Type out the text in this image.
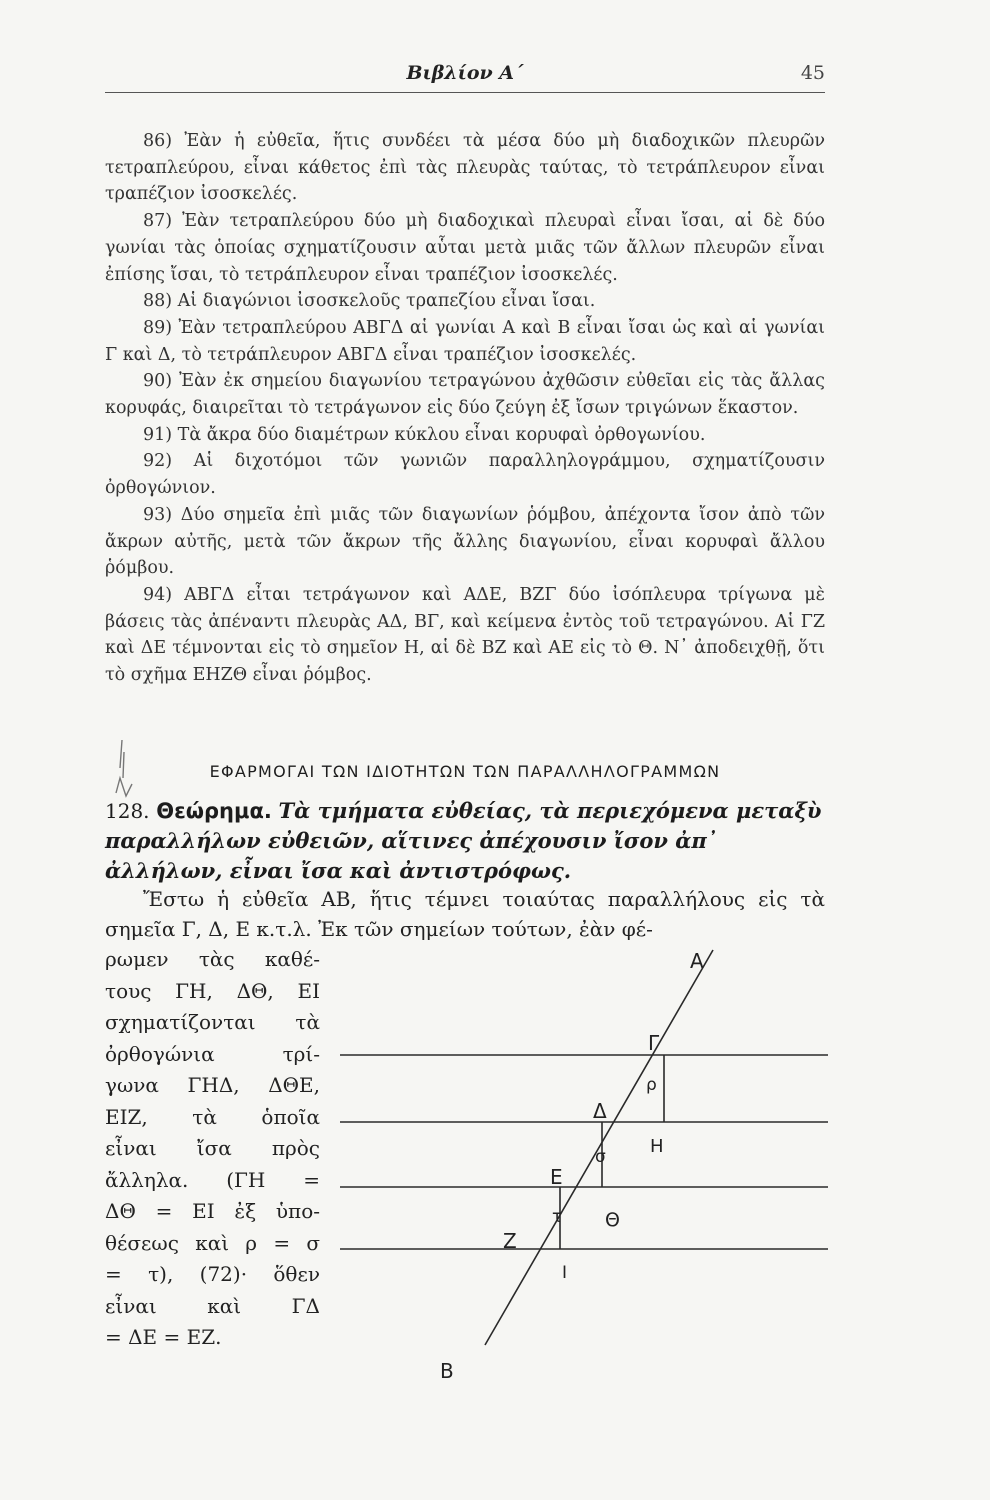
Βιβλίον Α΄	45

86) Ἐὰν ἡ εὐθεῖα, ἥτις συνδέει τὰ μέσα δύο μὴ διαδοχικῶν πλευρῶν τετραπλεύρου, εἶναι κάθετος ἐπὶ τὰς πλευρὰς ταύτας, τὸ τετράπλευρον εἶναι τραπέζιον ἰσοσκελές.

87) Ἐὰν τετραπλεύρου δύο μὴ διαδοχικαὶ πλευραὶ εἶναι ἴσαι, αἱ δὲ δύο γωνίαι τὰς ὁποίας σχηματίζουσιν αὗται μετὰ μιᾶς τῶν ἄλλων πλευρῶν εἶναι ἐπίσης ἴσαι, τὸ τετράπλευρον εἶναι τραπέζιον ἰσοσκελές.

88) Αἱ διαγώνιοι ἰσοσκελοῦς τραπεζίου εἶναι ἴσαι.

89) Ἐὰν τετραπλεύρου ΑΒΓΔ αἱ γωνίαι Α καὶ Β εἶναι ἴσαι ὡς καὶ αἱ γωνίαι Γ καὶ Δ, τὸ τετράπλευρον ΑΒΓΔ εἶναι τραπέζιον ἰσοσκελές.

90) Ἐὰν ἐκ σημείου διαγωνίου τετραγώνου ἀχθῶσιν εὐθεῖαι εἰς τὰς ἄλλας κορυφάς, διαιρεῖται τὸ τετράγωνον εἰς δύο ζεύγη ἐξ ἴσων τριγώνων ἕκαστον.

91) Τὰ ἄκρα δύο διαμέτρων κύκλου εἶναι κορυφαὶ ὀρθογωνίου.

92) Αἱ διχοτόμοι τῶν γωνιῶν παραλληλογράμμου, σχηματίζουσιν ὀρθογώνιον.

93) Δύο σημεῖα ἐπὶ μιᾶς τῶν διαγωνίων ῥόμβου, ἀπέχοντα ἴσον ἀπὸ τῶν ἄκρων αὐτῆς, μετὰ τῶν ἄκρων τῆς ἄλλης διαγωνίου, εἶναι κορυφαὶ ἄλλου ῥόμβου.

94) ΑΒΓΔ εἶται τετράγωνον καὶ ΑΔΕ, ΒΖΓ δύο ἰσόπλευρα τρίγωνα μὲ βάσεις τὰς ἀπέναντι πλευρὰς ΑΔ, ΒΓ, καὶ κείμενα ἐντὸς τοῦ τετραγώνου. Αἱ ΓΖ καὶ ΔΕ τέμνονται εἰς τὸ σημεῖον Η, αἱ δὲ ΒΖ καὶ ΑΕ εἰς τὸ Θ. Ν᾽ ἀποδειχθῇ, ὅτι τὸ σχῆμα ΕΗΖΘ εἶναι ῥόμβος.

ΕΦΑΡΜΟΓΑΙ ΤΩΝ ΙΔΙΟΤΗΤΩΝ ΤΩΝ ΠΑΡΑΛΛΗΛΟΓΡΑΜΜΩΝ
128. Θεώρημα. Τὰ τμήματα εὐθείας, τὰ περιεχόμενα μεταξὺ παραλλήλων εὐθειῶν, αἵτινες ἀπέχουσιν ἴσον ἀπ᾽ ἀλλήλων, εἶναι ἴσα καὶ ἀντιστρόφως.

Ἔστω ἡ εὐθεῖα ΑΒ, ἥτις τέμνει τοιαύτας παραλλήλους εἰς τὰ σημεῖα Γ, Δ, Ε κ.τ.λ. Ἐκ τῶν σημείων τούτων, ἐὰν φέ-

ρωμεν τὰς καθέ-
τους ΓΗ, ΔΘ, ΕΙ
σχηματίζονται τὰ
ὀρθογώνια τρί-
γωνα ΓΗΔ, ΔΘΕ,
ΕΙΖ, τὰ ὁποῖα
εἶναι ἴσα πρὸς
ἄλληλα. (ΓΗ =
ΔΘ = ΕΙ ἐξ ὑπο-
θέσεως καὶ ρ = σ
= τ), (72)· ὅθεν
εἶναι καὶ ΓΔ
= ΔΕ = ΕΖ.
Α
Γ
ρ
Δ
Η
σ
Ε
τ Θ
Ζ
Ι
Β
